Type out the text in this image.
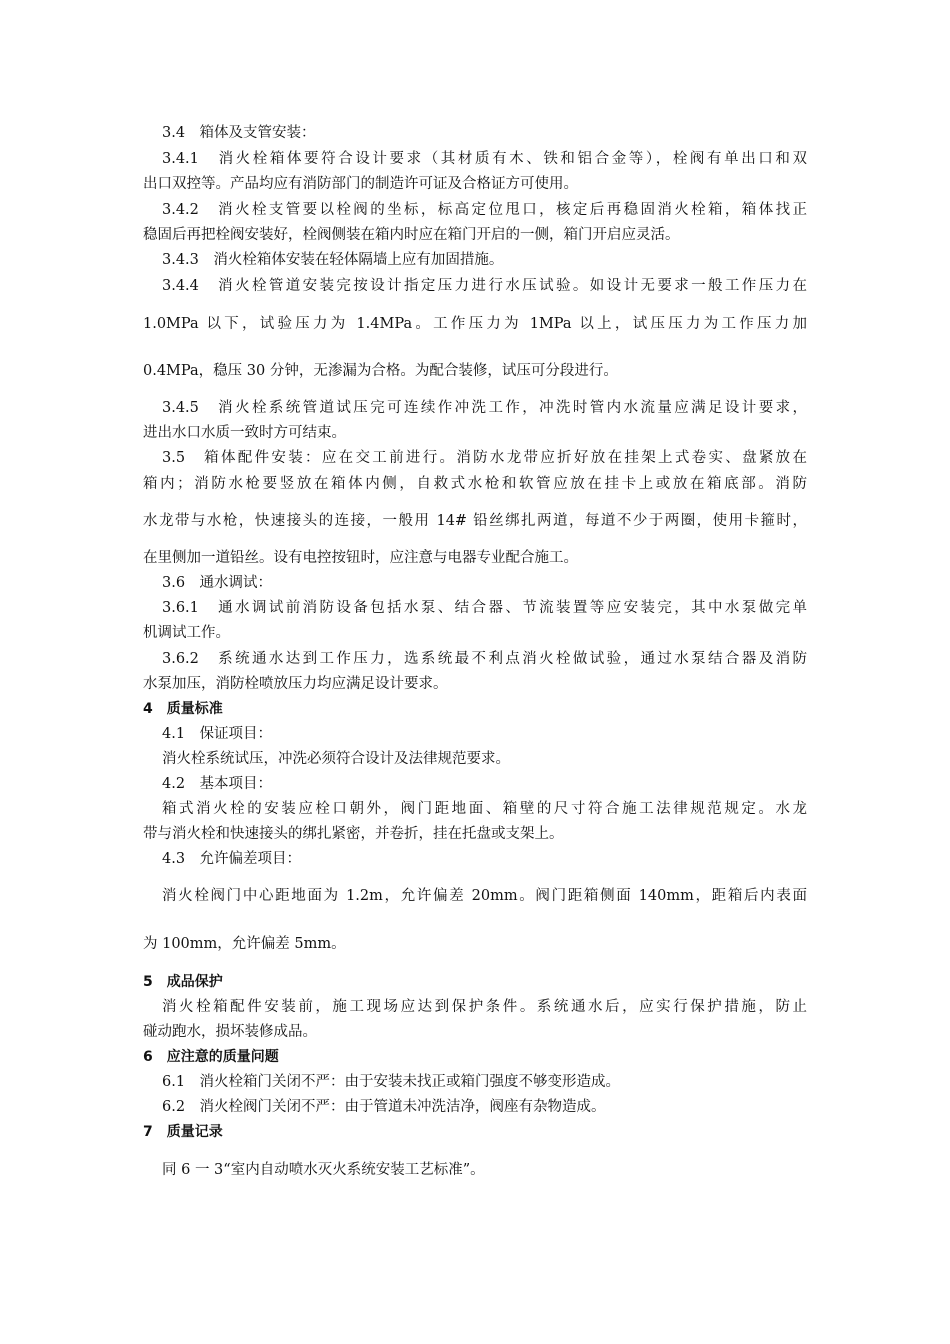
3.4　箱体及支管安装：
3.4.1　消火栓箱体要符合设计要求（其材质有木、铁和铝合金等），栓阀有单出口和双
出口双控等。产品均应有消防部门的制造许可证及合格证方可使用。
3.4.2　消火栓支管要以栓阀的坐标，标高定位甩口，核定后再稳固消火栓箱，箱体找正
稳固后再把栓阀安装好，栓阀侧装在箱内时应在箱门开启的一侧，箱门开启应灵活。
3.4.3　消火栓箱体安装在轻体隔墙上应有加固措施。
3.4.4　消火栓管道安装完按设计指定压力进行水压试验。如设计无要求一般工作压力在
1.0MPa 以下，试验压力为 1.4MPa。工作压力为 1MPa 以上，试压压力为工作压力加
0.4MPa，稳压 30 分钟，无渗漏为合格。为配合装修，试压可分段进行。
3.4.5　消火栓系统管道试压完可连续作冲洗工作，冲洗时管内水流量应满足设计要求，
进出水口水质一致时方可结束。
3.5　箱体配件安装：应在交工前进行。消防水龙带应折好放在挂架上式卷实、盘紧放在
箱内；消防水枪要竖放在箱体内侧，自救式水枪和软管应放在挂卡上或放在箱底部。消防
水龙带与水枪，快速接头的连接，一般用 14# 铅丝绑扎两道，每道不少于两圈，使用卡箍时，
在里侧加一道铅丝。设有电控按钮时，应注意与电器专业配合施工。
3.6　通水调试：
3.6.1　通水调试前消防设备包括水泵、结合器、节流装置等应安装完，其中水泵做完单
机调试工作。
3.6.2　系统通水达到工作压力，选系统最不利点消火栓做试验，通过水泵结合器及消防
水泵加压，消防栓喷放压力均应满足设计要求。
4　质量标准
4.1　保证项目：
消火栓系统试压，冲洗必须符合设计及法律规范要求。
4.2　基本项目：
箱式消火栓的安装应栓口朝外，阀门距地面、箱壁的尺寸符合施工法律规范规定。水龙
带与消火栓和快速接头的绑扎紧密，并卷折，挂在托盘或支架上。
4.3　允许偏差项目：
消火栓阀门中心距地面为 1.2m，允许偏差 20mm。阀门距箱侧面 140mm，距箱后内表面
为 100mm，允许偏差 5mm。
5　成品保护
消火栓箱配件安装前，施工现场应达到保护条件。系统通水后，应实行保护措施，防止
碰动跑水，损坏装修成品。
6　应注意的质量问题
6.1　消火栓箱门关闭不严：由于安装未找正或箱门强度不够变形造成。
6.2　消火栓阀门关闭不严：由于管道未冲洗洁净，阀座有杂物造成。
7　质量记录
同 6 一 3“室内自动喷水灭火系统安装工艺标准”。
